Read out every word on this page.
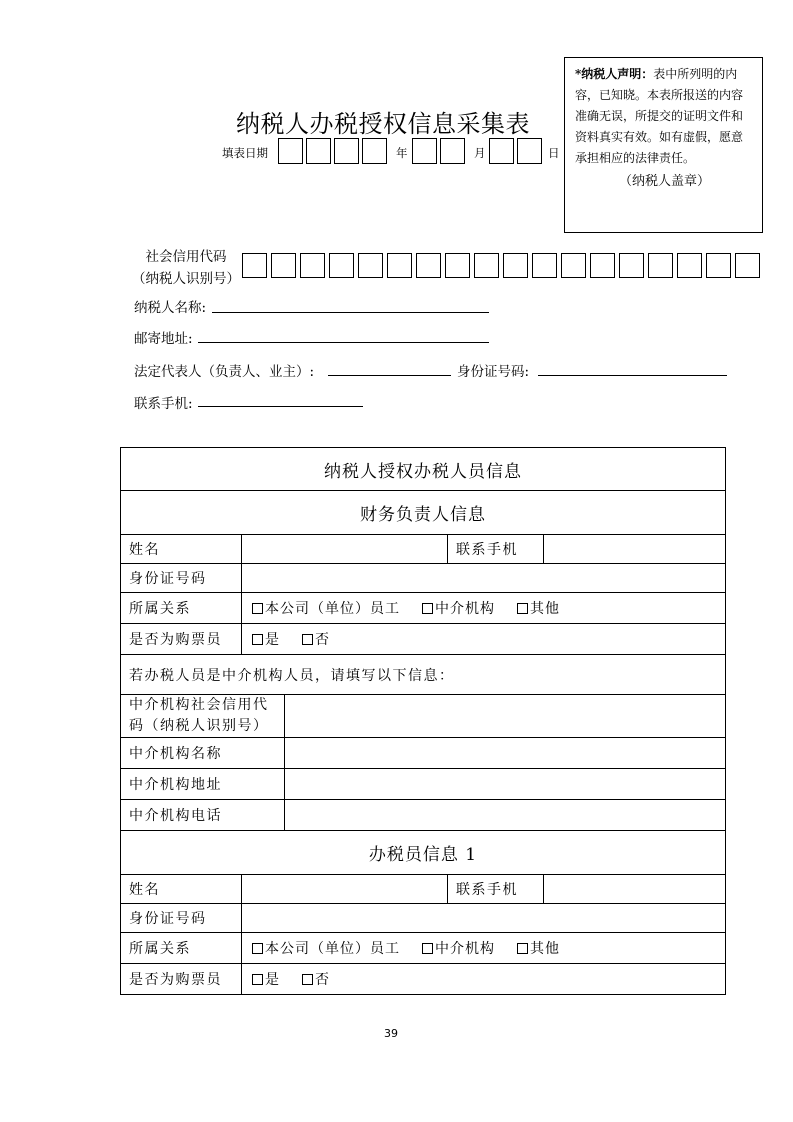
*纳税人声明：表中所列明的内容，已知晓。本表所报送的内容准确无误，所提交的证明文件和资料真实有效。如有虚假，愿意承担相应的法律责任。
（纳税人盖章）
纳税人办税授权信息采集表
填表日期	年	月	日
社会信用代码
（纳税人识别号）
纳税人名称:
邮寄地址:
法定代表人（负责人、业主）:	身份证号码:
联系手机:
纳税人授权办税人员信息				
财务负责人信息				
姓名			联系手机	
身份证号码				
所属关系	本公司（单位）员工 中介机构 其他			
是否为购票员	是 否			
若办税人员是中介机构人员，请填写以下信息：				
中介机构社会信用代码（纳税人识别号）				
中介机构名称				
中介机构地址				
中介机构电话				
办税员信息 1				
姓名			联系手机	
身份证号码				
所属关系	本公司（单位）员工 中介机构 其他			
是否为购票员	是 否			
39
